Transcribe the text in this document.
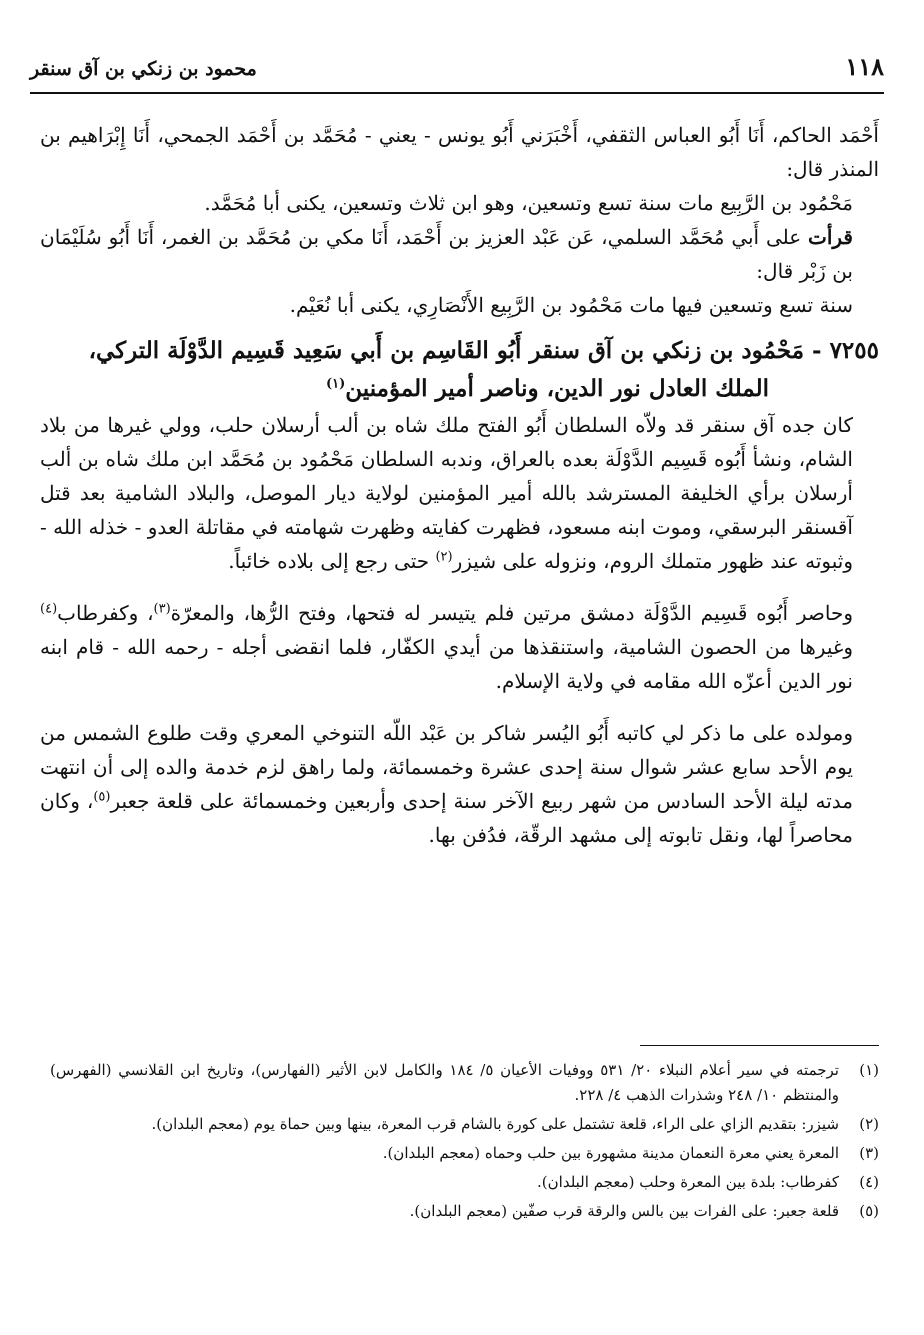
١١٨
محمود بن زنكي بن آق سنقر

أَحْمَد الحاكم، أَنَا أَبُو العباس الثقفي، أَخْبَرَني أَبُو يونس - يعني - مُحَمَّد بن أَحْمَد الجمحي، أَنَا إِبْرَاهيم بن المنذر قال:

مَحْمُود بن الرَّبِيع مات سنة تسع وتسعين، وهو ابن ثلاث وتسعين، يكنى أبا مُحَمَّد.

قرأت على أَبي مُحَمَّد السلمي، عَن عَبْد العزيز بن أَحْمَد، أَنَا مكي بن مُحَمَّد بن الغمر، أَنَا أَبُو سُلَيْمَان بن زَبْر قال:

سنة تسع وتسعين فيها مات مَحْمُود بن الرَّبِيع الأَنْصَارِي، يكنى أبا نُعَيْم.

٧٢٥٥ - مَحْمُود بن زنكي بن آق سنقر أَبُو القَاسِم بن أَبي سَعِيد قَسِيم الدَّوْلَة التركي،
الملك العادل نور الدين، وناصر أمير المؤمنين$^{(١)}$

كان جده آق سنقر قد ولاّه السلطان أَبُو الفتح ملك شاه بن ألب أرسلان حلب، وولي غيرها من بلاد الشام، ونشأ أَبُوه قَسِيم الدَّوْلَة بعده بالعراق، وندبه السلطان مَحْمُود بن مُحَمَّد ابن ملك شاه بن ألب أرسلان برأي الخليفة المسترشد بالله أمير المؤمنين لولاية ديار الموصل، والبلاد الشامية بعد قتل آقسنقر البرسقي، وموت ابنه مسعود، فظهرت كفايته وظهرت شهامته في مقاتلة العدو - خذله الله - وثبوته عند ظهور متملك الروم، ونزوله على شيزر$^{(٢)}$ حتى رجع إلى بلاده خائباً.

وحاصر أَبُوه قَسِيم الدَّوْلَة دمشق مرتين فلم يتيسر له فتحها، وفتح الرُّها، والمعرّة$^{(٣)}$، وكفرطاب$^{(٤)}$ وغيرها من الحصون الشامية، واستنقذها من أيدي الكفّار، فلما انقضى أجله - رحمه الله - قام ابنه نور الدين أعزّه الله مقامه في ولاية الإسلام.

ومولده على ما ذكر لي كاتبه أَبُو اليُسر شاكر بن عَبْد اللّه التنوخي المعري وقت طلوع الشمس من يوم الأحد سابع عشر شوال سنة إحدى عشرة وخمسمائة، ولما راهق لزم خدمة والده إلى أن انتهت مدته ليلة الأحد السادس من شهر ربيع الآخر سنة إحدى وأربعين وخمسمائة على قلعة جعبر$^{(٥)}$، وكان محاصراً لها، ونقل تابوته إلى مشهد الرقّة، فدُفن بها.

(١)
ترجمته في سير أعلام النبلاء ٢٠/ ٥٣١ ووفيات الأعيان ٥/ ١٨٤ والكامل لابن الأثير (الفهارس)، وتاريخ ابن القلانسي (الفهرس) والمنتظم ١٠/ ٢٤٨ وشذرات الذهب ٤/ ٢٢٨.
(٢)
شيزر: بتقديم الزاي على الراء، قلعة تشتمل على كورة بالشام قرب المعرة، بينها وبين حماة يوم (معجم البلدان).
(٣)
المعرة يعني معرة النعمان مدينة مشهورة بين حلب وحماه (معجم البلدان).
(٤)
كفرطاب: بلدة بين المعرة وحلب (معجم البلدان).
(٥)
قلعة جعبر: على الفرات بين بالس والرقة قرب صفّين (معجم البلدان).
